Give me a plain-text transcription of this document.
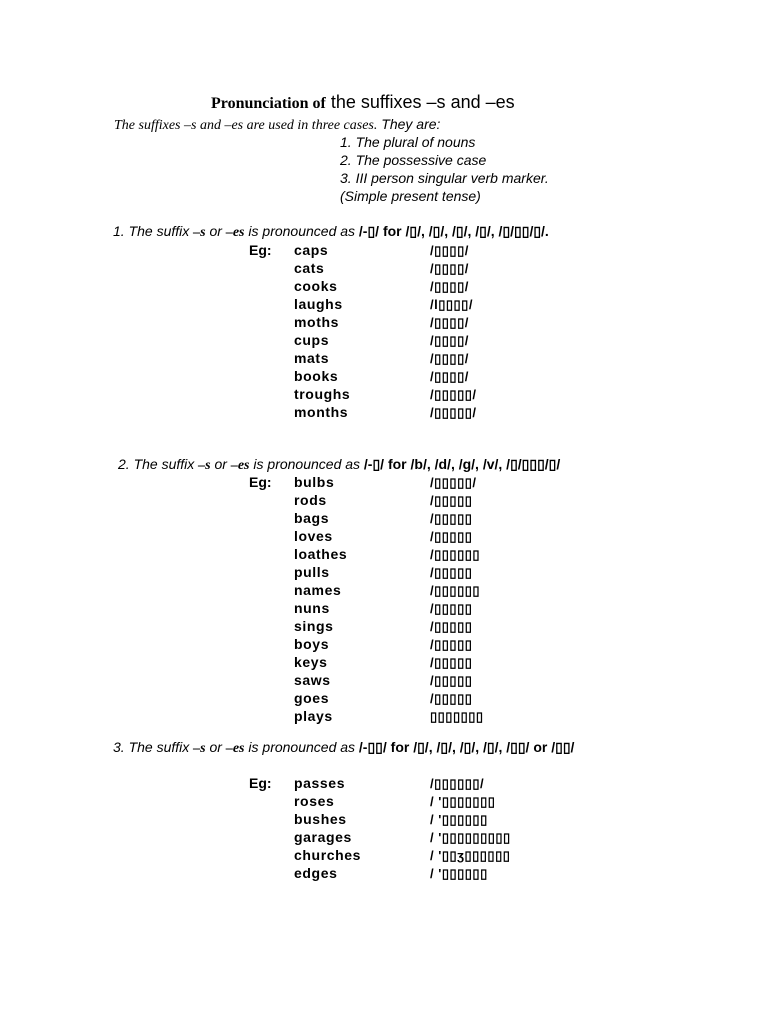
Pronunciation of the suffixes –s and –es
The suffixes –s and –es are used in three cases. They are:
1. The plural of nouns
2. The possessive case
3. III person singular verb marker.
(Simple present tense)
1. The suffix –s or –es is pronounced as /-▯/ for /▯/, /▯/, /▯/, /▯/, /▯/▯▯/▯/.
Eg: caps	/▯▯▯▯/
cats	/▯▯▯▯/
cooks	/▯▯▯▯/
laughs	/l▯▯▯▯/
moths	/▯▯▯▯/
cups	/▯▯▯▯/
mats	/▯▯▯▯/
books	/▯▯▯▯/
troughs	/▯▯▯▯▯/
months	/▯▯▯▯▯/
2. The suffix –s or –es is pronounced as /-▯/ for /b/, /d/, /g/, /v/, /▯/▯▯▯/▯/
Eg: bulbs	/▯▯▯▯▯/
rods	/▯▯▯▯▯
bags	/▯▯▯▯▯
loves	/▯▯▯▯▯
loathes	/▯▯▯▯▯▯
pulls	/▯▯▯▯▯
names	/▯▯▯▯▯▯
nuns	/▯▯▯▯▯
sings	/▯▯▯▯▯
boys	/▯▯▯▯▯
keys	/▯▯▯▯▯
saws	/▯▯▯▯▯
goes	/▯▯▯▯▯
plays	▯▯▯▯▯▯▯
3. The suffix –s or –es is pronounced as /-▯▯/ for /▯/, /▯/, /▯/, /▯/, /▯▯/ or /▯▯/
Eg: passes	/▯▯▯▯▯▯/
roses	/ '▯▯▯▯▯▯▯
bushes	/ '▯▯▯▯▯▯
garages	/ '▯▯▯▯▯▯▯▯▯
churches	/ '▯▯ʒ▯▯▯▯▯▯
edges	/ '▯▯▯▯▯▯
